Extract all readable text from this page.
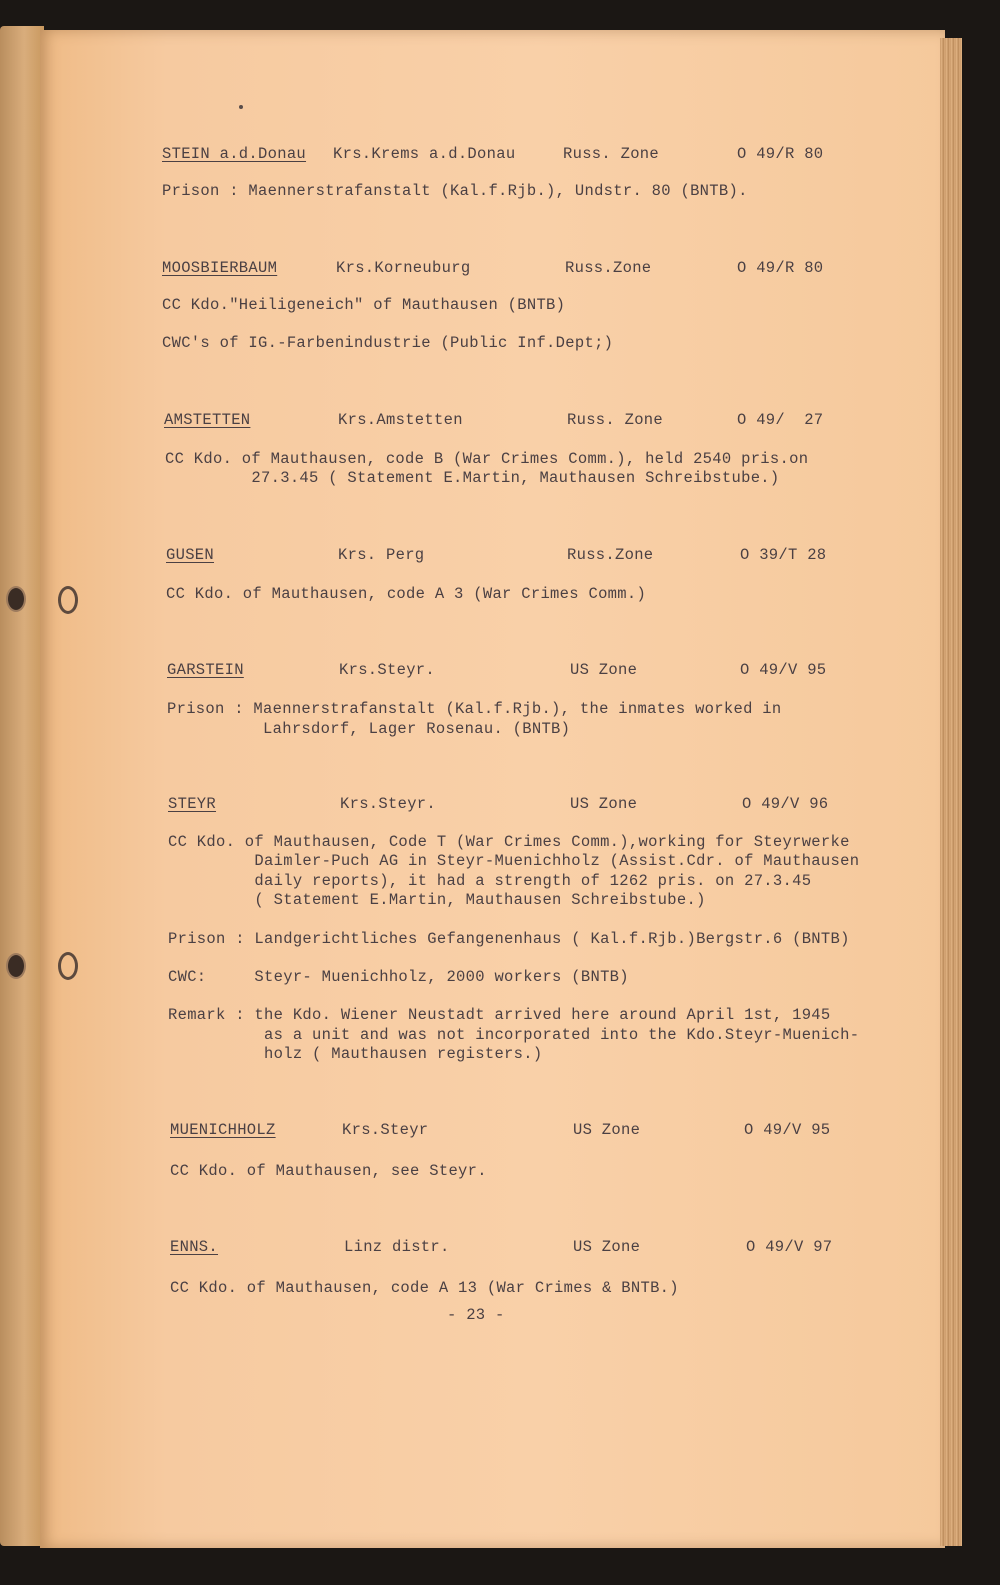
STEIN a.d.Donau Krs.Krems a.d.Donau	Russ. Zone	O 49/R 80
Prison : Maennerstrafanstalt (Kal.f.Rjb.), Undstr. 80 (BNTB).
MOOSBIERBAUM	Krs.Korneuburg	Russ.Zone	O 49/R 80
CC Kdo."Heiligeneich" of Mauthausen (BNTB)
CWC's of IG.-Farbenindustrie (Public Inf.Dept;)
AMSTETTEN	Krs.Amstetten	Russ. Zone	O 49/  27
CC Kdo. of Mauthausen, code B (War Crimes Comm.), held 2540 pris.on
27.3.45 ( Statement E.Martin, Mauthausen Schreibstube.)
GUSEN	Krs. Perg	Russ.Zone	O 39/T 28
CC Kdo. of Mauthausen, code A 3 (War Crimes Comm.)
GARSTEIN	Krs.Steyr.	US Zone	O 49/V 95
Prison : Maennerstrafanstalt (Kal.f.Rjb.), the inmates worked in
Lahrsdorf, Lager Rosenau. (BNTB)
STEYR	Krs.Steyr.	US Zone	O 49/V 96
CC Kdo. of Mauthausen, Code T (War Crimes Comm.),working for Steyrwerke
Daimler-Puch AG in Steyr-Muenichholz (Assist.Cdr. of Mauthausen
daily reports), it had a strength of 1262 pris. on 27.3.45
( Statement E.Martin, Mauthausen Schreibstube.)
Prison : Landgerichtliches Gefangenenhaus ( Kal.f.Rjb.)Bergstr.6 (BNTB)
CWC:     Steyr- Muenichholz, 2000 workers (BNTB)
Remark : the Kdo. Wiener Neustadt arrived here around April 1st, 1945
as a unit and was not incorporated into the Kdo.Steyr-Muenich-
holz ( Mauthausen registers.)
MUENICHHOLZ	Krs.Steyr	US Zone	O 49/V 95
CC Kdo. of Mauthausen, see Steyr.
ENNS.	Linz distr.	US Zone	O 49/V 97
CC Kdo. of Mauthausen, code A 13 (War Crimes & BNTB.)
- 23 -
